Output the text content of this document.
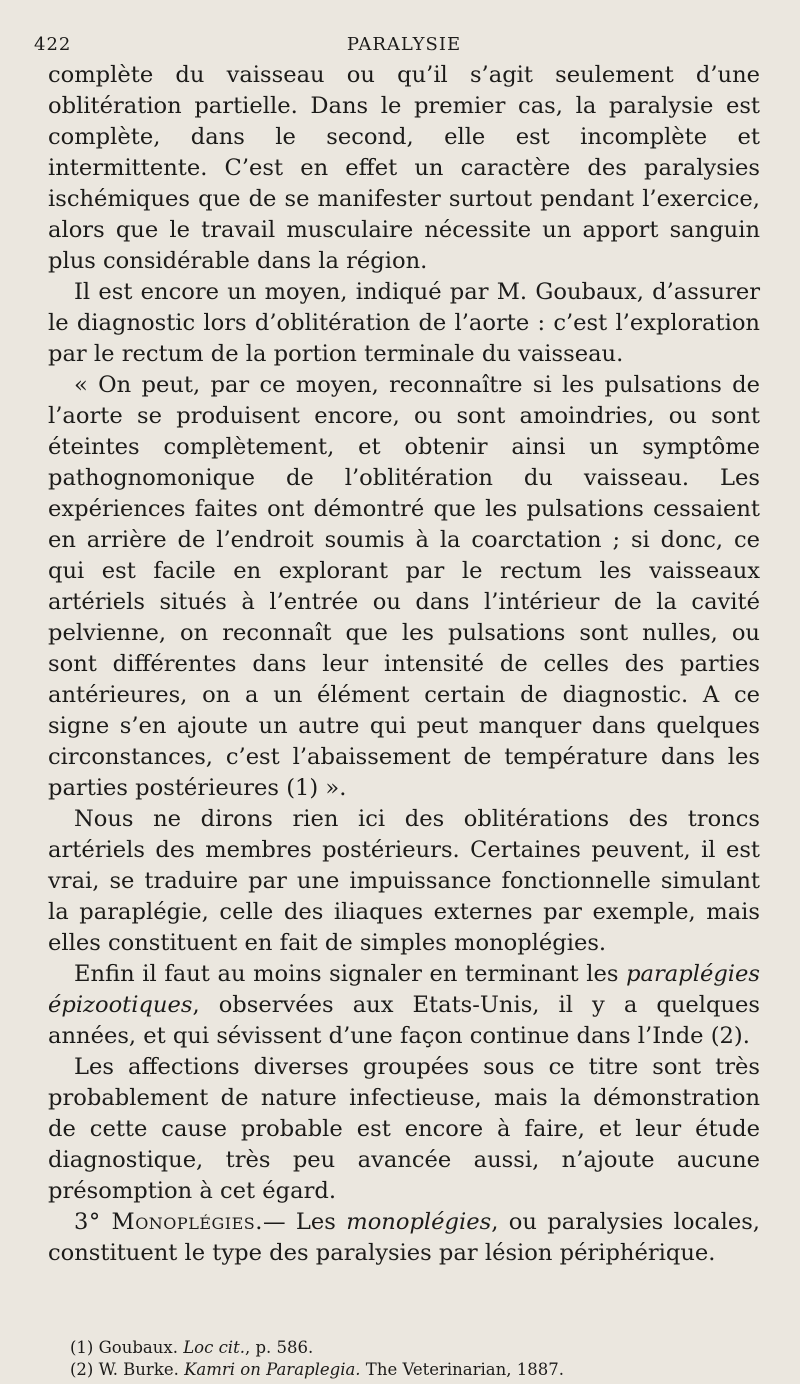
422	PARALYSIE

complète du vaisseau ou qu’il s’agit seulement d’une oblitération partielle. Dans le premier cas, la paralysie est complète, dans le second, elle est incomplète et intermittente. C’est en effet un caractère des paralysies ischémiques que de se manifester surtout pendant l’exercice, alors que le travail musculaire nécessite un apport sanguin plus considérable dans la région.

Il est encore un moyen, indiqué par M. Goubaux, d’assurer le diagnostic lors d’oblitération de l’aorte : c’est l’exploration par le rectum de la portion terminale du vaisseau.

« On peut, par ce moyen, reconnaître si les pulsations de l’aorte se produisent encore, ou sont amoindries, ou sont éteintes complètement, et obtenir ainsi un symptôme pathognomonique de l’oblitération du vaisseau. Les expériences faites ont démontré que les pulsations cessaient en arrière de l’endroit soumis à la coarctation ; si donc, ce qui est facile en explorant par le rectum les vaisseaux artériels situés à l’entrée ou dans l’intérieur de la cavité pelvienne, on reconnaît que les pulsations sont nulles, ou sont différentes dans leur intensité de celles des parties antérieures, on a un élément certain de diagnostic. A ce signe s’en ajoute un autre qui peut manquer dans quelques circonstances, c’est l’abaissement de température dans les parties postérieures (1) ».

Nous ne dirons rien ici des oblitérations des troncs artériels des membres postérieurs. Certaines peuvent, il est vrai, se traduire par une impuissance fonctionnelle simulant la paraplégie, celle des iliaques externes par exemple, mais elles constituent en fait de simples monoplégies.

Enfin il faut au moins signaler en terminant les paraplégies épizootiques, observées aux Etats-Unis, il y a quelques années, et qui sévissent d’une façon continue dans l’Inde (2).

Les affections diverses groupées sous ce titre sont très probablement de nature infectieuse, mais la démonstration de cette cause probable est encore à faire, et leur étude diagnostique, très peu avancée aussi, n’ajoute aucune présomption à cet égard.

3° Monoplégies.— Les monoplégies, ou paralysies locales, constituent le type des paralysies par lésion périphérique.

(1) Goubaux. Loc cit., p. 586.
(2) W. Burke. Kamri on Paraplegia. The Veterinarian, 1887.
